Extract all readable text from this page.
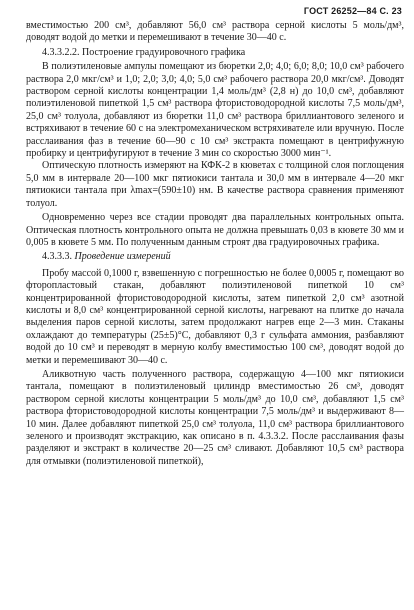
ГОСТ 26252—84 С. 23

вместимостью 200 см³, добавляют 56,0 см³ раствора серной кислоты 5 моль/дм³, доводят водой до метки и перемешивают в течение 30—40 с.

4.3.3.2.2. Построение градуировочного графика

В полиэтиленовые ампулы помещают из бюретки 2,0; 4,0; 6,0; 8,0; 10,0 см³ рабочего раствора 2,0 мкг/см³ и 1,0; 2,0; 3,0; 4,0; 5,0 см³ рабочего раствора 20,0 мкг/см³. Доводят раствором серной кислоты концентрации 1,4 моль/дм³ (2,8 н) до 10,0 см³, добавляют полиэтиленовой пипеткой 1,5 см³ раствора фтористоводородной кислоты 7,5 моль/дм³, 25,0 см³ толуола, добавляют из бюретки 11,0 см³ раствора бриллиантового зеленого и встряхивают в течение 60 с на электромеханическом встряхивателе или вручную. После расслаивания фаз в течение 60—90 с 10 см³ экстракта помещают в центрифужную пробирку и центрифугируют в течение 3 мин со скоростью 3000 мин⁻¹.

Оптическую плотность измеряют на КФК-2 в кюветах с толщиной слоя поглощения 5,0 мм в интервале 20—100 мкг пятиокиси тантала и 30,0 мм в интервале 4—20 мкг пятиокиси тантала при λmax=(590±10) нм. В качестве раствора сравнения применяют толуол.

Одновременно через все стадии проводят два параллельных контрольных опыта. Оптическая плотность контрольного опыта не должна превышать 0,03 в кювете 30 мм и 0,005 в кювете 5 мм. По полученным данным строят два градуировочных графика.

4.3.3.3. Проведение измерений

Пробу массой 0,1000 г, взвешенную с погрешностью не более 0,0005 г, помещают во фторопластовый стакан, добавляют полиэтиленовой пипеткой 10 см³ концентрированной фтористоводородной кислоты, затем пипеткой 2,0 см³ азотной кислоты и 8,0 см³ концентрированной серной кислоты, нагревают на плитке до начала выделения паров серной кислоты, затем продолжают нагрев еще 2—3 мин. Стаканы охлаждают до температуры (25±5)°С, добавляют 0,3 г сульфата аммония, разбавляют водой до 10 см³ и переводят в мерную колбу вместимостью 100 см³, доводят водой до метки и перемешивают 30—40 с.

Аликвотную часть полученного раствора, содержащую 4—100 мкг пятиокиси тантала, помещают в полиэтиленовый цилиндр вместимостью 26 см³, доводят раствором серной кислоты концентрации 5 моль/дм³ до 10,0 см³, добавляют 1,5 см³ раствора фтористоводородной кислоты концентрации 7,5 моль/дм³ и выдерживают 8—10 мин. Далее добавляют пипеткой 25,0 см³ толуола, 11,0 см³ раствора бриллиантового зеленого и производят экстракцию, как описано в п. 4.3.3.2. После расслаивания фазы разделяют и экстракт в количестве 20—25 см³ сливают. Добавляют 10,5 см³ раствора для отмывки (полиэтиленовой пипеткой),
